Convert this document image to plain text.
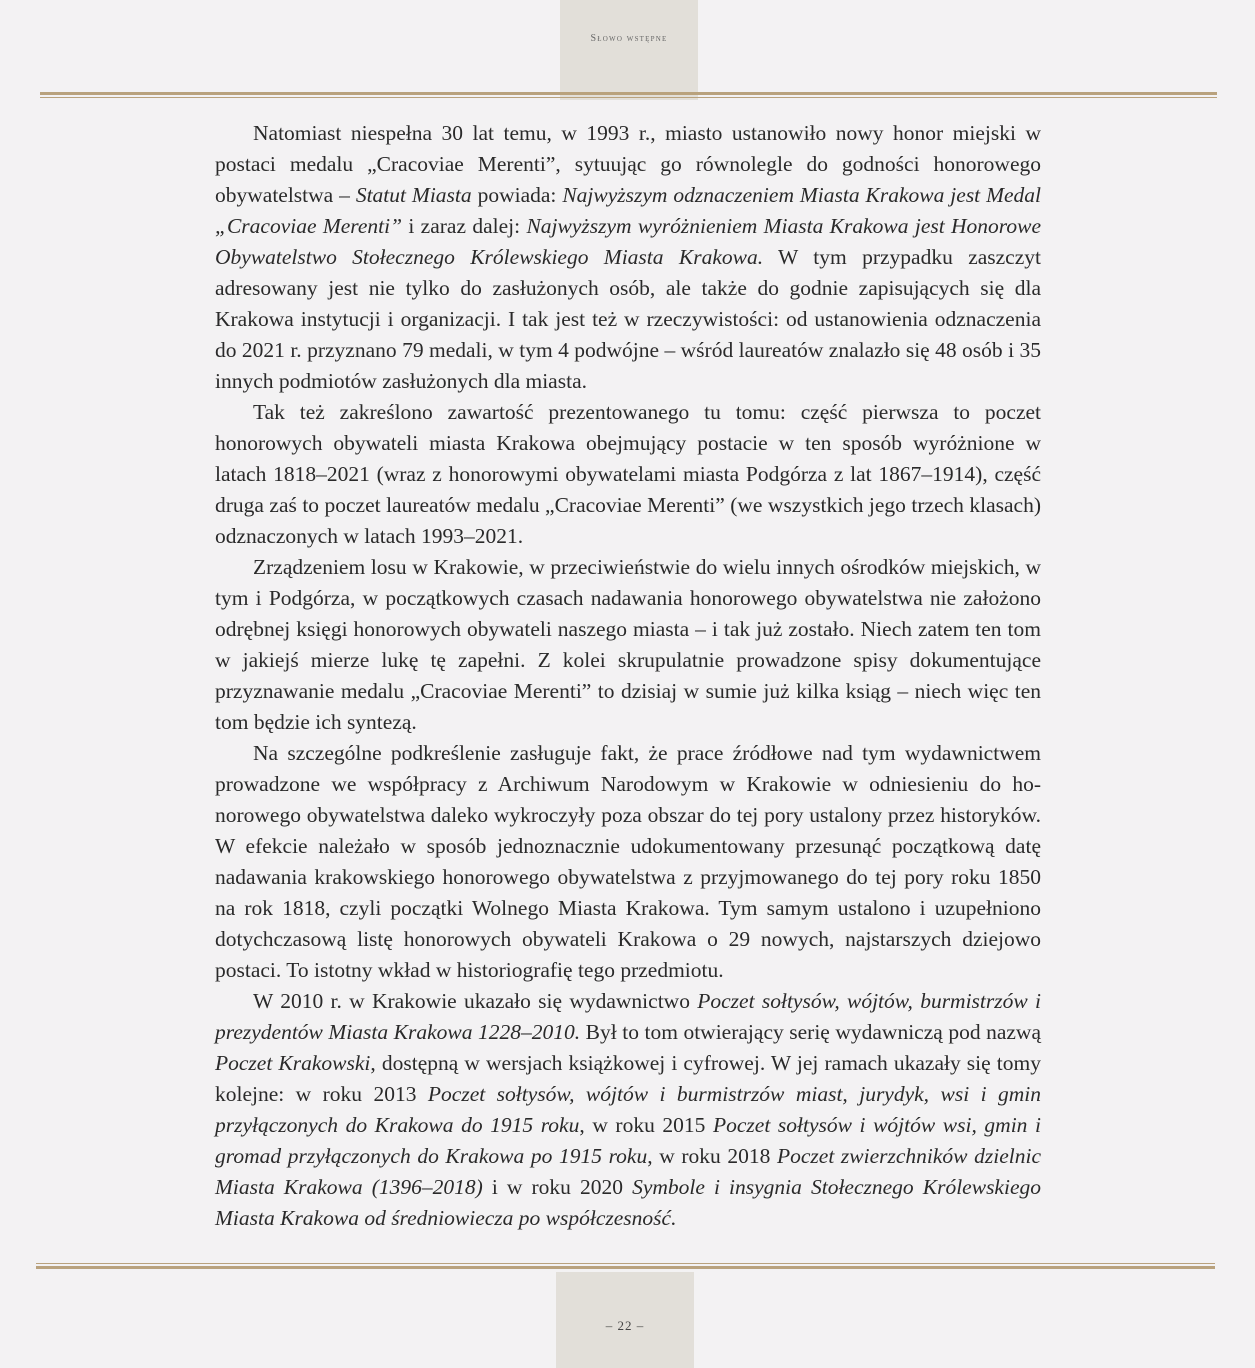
Słowo wstępne

Natomiast niespełna 30 lat temu, w 1993 r., miasto ustanowiło nowy honor miejski w postaci medalu „Cracoviae Merenti”, sytuując go równolegle do godności honorowego obywatelstwa – Statut Miasta powiada: Najwyższym odznaczeniem Miasta Krakowa jest Medal „Cracoviae Merenti” i zaraz dalej: Najwyższym wyróżnieniem Miasta Krakowa jest Honorowe Obywatelstwo Stołecznego Królewskiego Miasta Krakowa. W tym przypadku zaszczyt adresowany jest nie tylko do zasłużonych osób, ale także do godnie zapisujących się dla Krakowa instytucji i organizacji. I tak jest też w rzeczywistości: od ustanowienia odznaczenia do 2021 r. przyznano 79 medali, w tym 4 podwójne – wśród laureatów znalazło się 48 osób i 35 innych podmiotów zasłużonych dla miasta.

Tak też zakreślono zawartość prezentowanego tu tomu: część pierwsza to poczet honorowych obywateli miasta Krakowa obejmujący postacie w ten sposób wyróżnione w latach 1818–2021 (wraz z honorowymi obywatelami miasta Podgórza z lat 1867–1914), część druga zaś to poczet laureatów medalu „Cracoviae Merenti” (we wszystkich jego trzech klasach) odznaczonych w latach 1993–2021.

Zrządzeniem losu w Krakowie, w przeciwieństwie do wielu innych ośrodków miejskich, w tym i Podgórza, w początkowych czasach nadawania honorowego obywatelstwa nie założono odrębnej księgi honorowych obywateli naszego miasta – i tak już zostało. Niech zatem ten tom w jakiejś mierze lukę tę zapełni. Z kolei skrupulatnie prowadzone spisy dokumentujące przyznawanie medalu „Cracoviae Merenti” to dzisiaj w sumie już kilka ksiąg – niech więc ten tom będzie ich syntezą.

Na szczególne podkreślenie zasługuje fakt, że prace źródłowe nad tym wydawnictwem prowadzone we współpracy z Archiwum Narodowym w Krakowie w odniesieniu do honorowego obywatelstwa daleko wykroczyły poza obszar do tej pory ustalony przez historyków. W efekcie należało w sposób jednoznacznie udokumentowany przesunąć początkową datę nadawania krakowskiego honorowego obywatelstwa z przyjmowanego do tej pory roku 1850 na rok 1818, czyli początki Wolnego Miasta Krakowa. Tym samym ustalono i uzupełniono dotychczasową listę honorowych obywateli Krakowa o 29 nowych, najstarszych dziejowo postaci. To istotny wkład w historiografię tego przedmiotu.

W 2010 r. w Krakowie ukazało się wydawnictwo Poczet sołtysów, wójtów, burmistrzów i prezydentów Miasta Krakowa 1228–2010. Był to tom otwierający serię wydawniczą pod nazwą Poczet Krakowski, dostępną w wersjach książkowej i cyfrowej. W jej ramach ukazały się tomy kolejne: w roku 2013 Poczet sołtysów, wójtów i burmistrzów miast, jurydyk, wsi i gmin przyłączonych do Krakowa do 1915 roku, w roku 2015 Poczet sołtysów i wójtów wsi, gmin i gromad przyłączonych do Krakowa po 1915 roku, w roku 2018 Poczet zwierzchników dzielnic Miasta Krakowa (1396–2018) i w roku 2020 Symbole i insygnia Stołecznego Królewskiego Miasta Krakowa od średniowiecza po współczesność.

– 22 –
